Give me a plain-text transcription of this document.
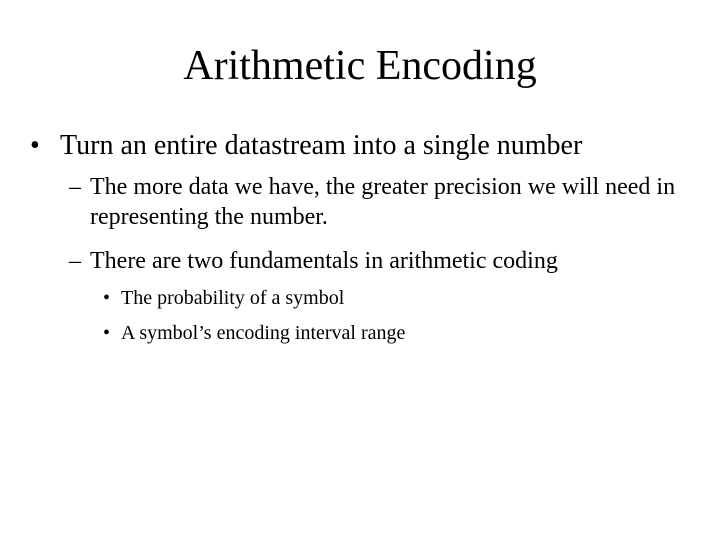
Arithmetic Encoding
• Turn an entire datastream into a single number
– The more data we have, the greater precision we will need in representing the number.
– There are two fundamentals in arithmetic coding
• The probability of a symbol
• A symbol’s encoding interval range
